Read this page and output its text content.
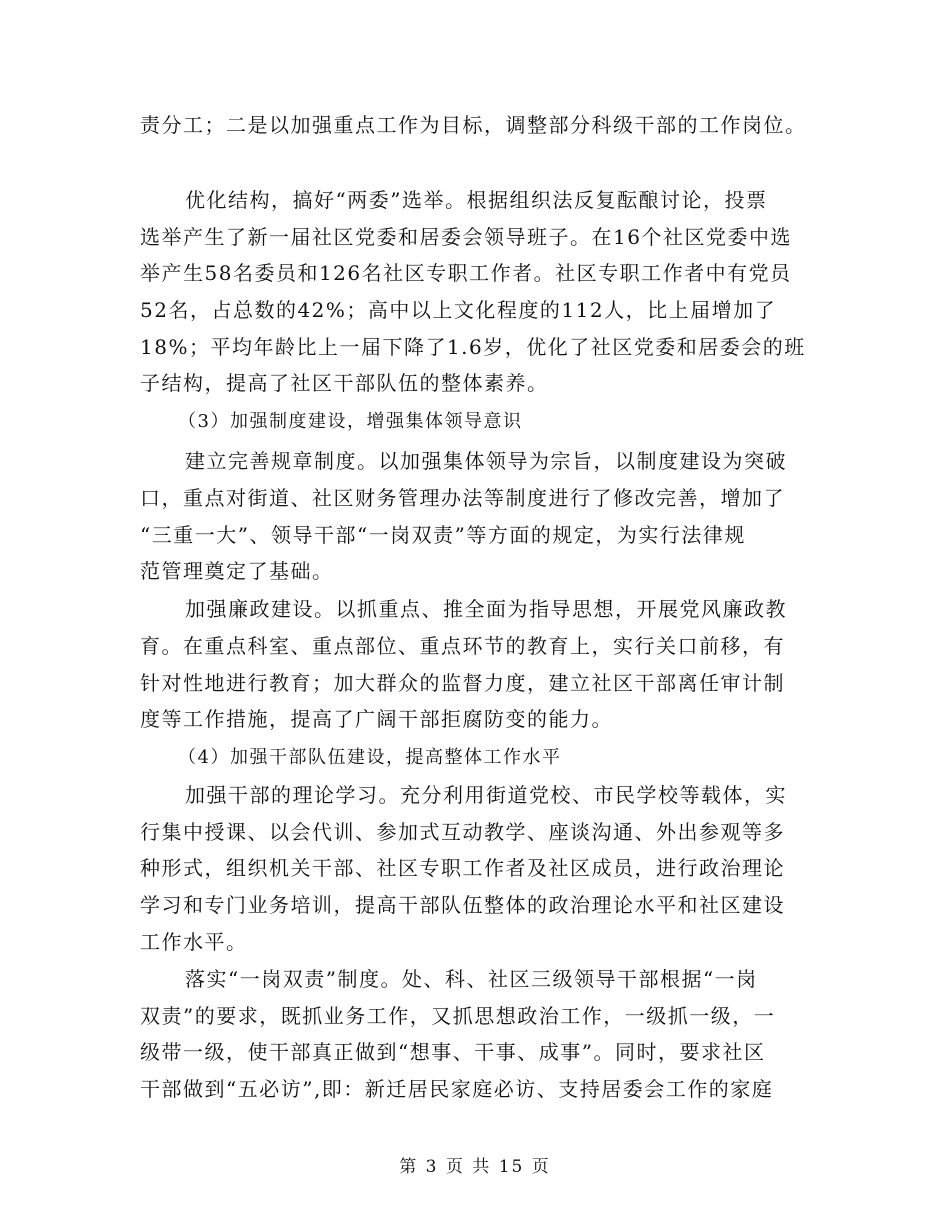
责分工；二是以加强重点工作为目标，调整部分科级干部的工作岗位。
优化结构，搞好“两委”选举。根据组织法反复酝酿讨论，投票
选举产生了新一届社区党委和居委会领导班子。在16个社区党委中选
举产生58名委员和126名社区专职工作者。社区专职工作者中有党员
52名，占总数的42%；高中以上文化程度的112人，比上届增加了
18%；平均年龄比上一届下降了1.6岁，优化了社区党委和居委会的班
子结构，提高了社区干部队伍的整体素养。
（3）加强制度建设，增强集体领导意识
建立完善规章制度。以加强集体领导为宗旨，以制度建设为突破
口，重点对街道、社区财务管理办法等制度进行了修改完善，增加了
“三重一大”、领导干部“一岗双责”等方面的规定，为实行法律规
范管理奠定了基础。
加强廉政建设。以抓重点、推全面为指导思想，开展党风廉政教
育。在重点科室、重点部位、重点环节的教育上，实行关口前移，有
针对性地进行教育；加大群众的监督力度，建立社区干部离任审计制
度等工作措施，提高了广阔干部拒腐防变的能力。
（4）加强干部队伍建设，提高整体工作水平
加强干部的理论学习。充分利用街道党校、市民学校等载体，实
行集中授课、以会代训、参加式互动教学、座谈沟通、外出参观等多
种形式，组织机关干部、社区专职工作者及社区成员，进行政治理论
学习和专门业务培训，提高干部队伍整体的政治理论水平和社区建设
工作水平。
落实“一岗双责”制度。处、科、社区三级领导干部根据“一岗
双责”的要求，既抓业务工作，又抓思想政治工作，一级抓一级，一
级带一级，使干部真正做到“想事、干事、成事”。同时，要求社区
干部做到“五必访”,即：新迁居民家庭必访、支持居委会工作的家庭
第 3 页 共 15 页
